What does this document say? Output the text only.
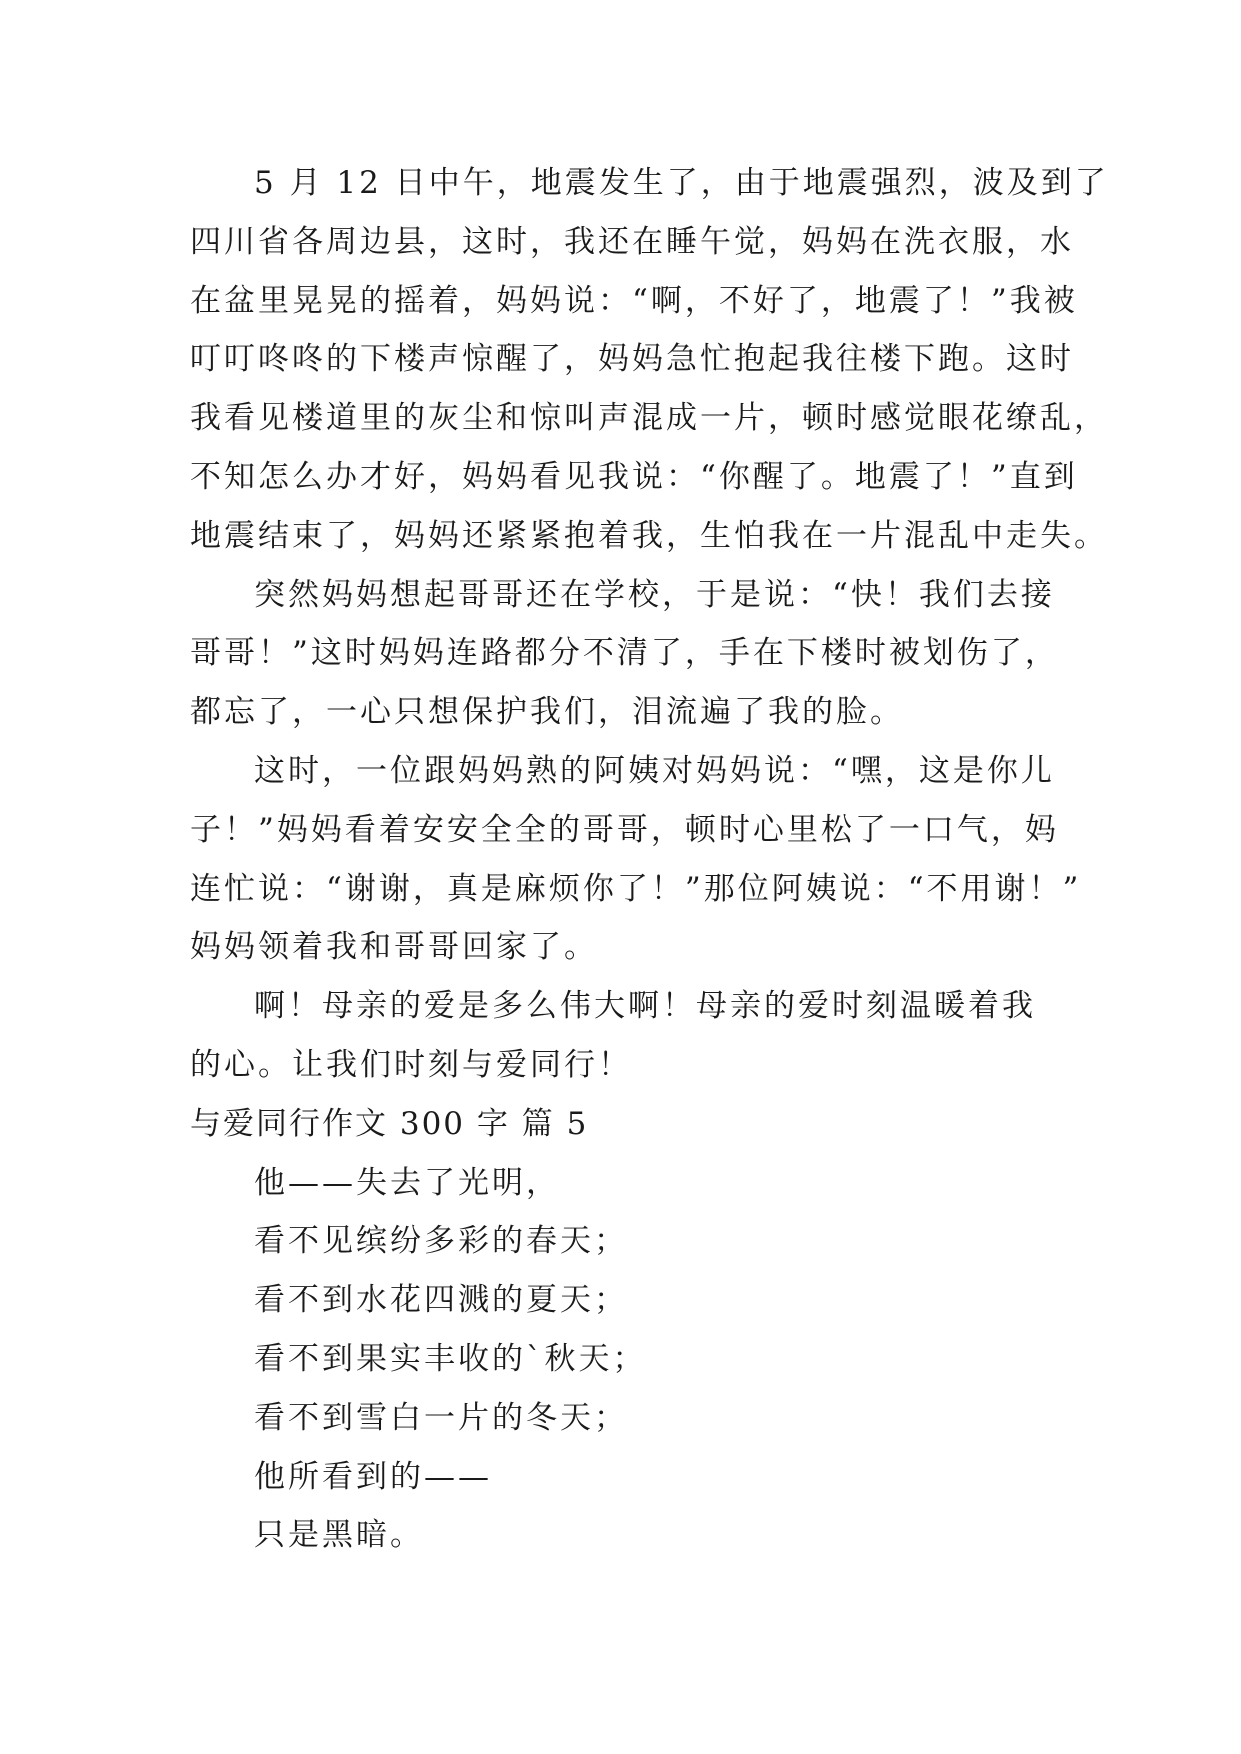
5 月 12 日中午，地震发生了，由于地震强烈，波及到了
四川省各周边县，这时，我还在睡午觉，妈妈在洗衣服，水
在盆里晃晃的摇着，妈妈说：“啊，不好了，地震了！”我被
叮叮咚咚的下楼声惊醒了，妈妈急忙抱起我往楼下跑。这时
我看见楼道里的灰尘和惊叫声混成一片，顿时感觉眼花缭乱，
不知怎么办才好，妈妈看见我说：“你醒了。地震了！”直到
地震结束了，妈妈还紧紧抱着我，生怕我在一片混乱中走失。
突然妈妈想起哥哥还在学校，于是说：“快！我们去接
哥哥！”这时妈妈连路都分不清了，手在下楼时被划伤了，
都忘了，一心只想保护我们，泪流遍了我的脸。
这时，一位跟妈妈熟的阿姨对妈妈说：“嘿，这是你儿
子！”妈妈看着安安全全的哥哥，顿时心里松了一口气，妈
连忙说：“谢谢，真是麻烦你了！”那位阿姨说：“不用谢！”
妈妈领着我和哥哥回家了。
啊！母亲的爱是多么伟大啊！母亲的爱时刻温暖着我
的心。让我们时刻与爱同行！
与爱同行作文 300 字 篇 5
他——失去了光明，
看不见缤纷多彩的春天；
看不到水花四溅的夏天；
看不到果实丰收的`秋天；
看不到雪白一片的冬天；
他所看到的——
只是黑暗。
